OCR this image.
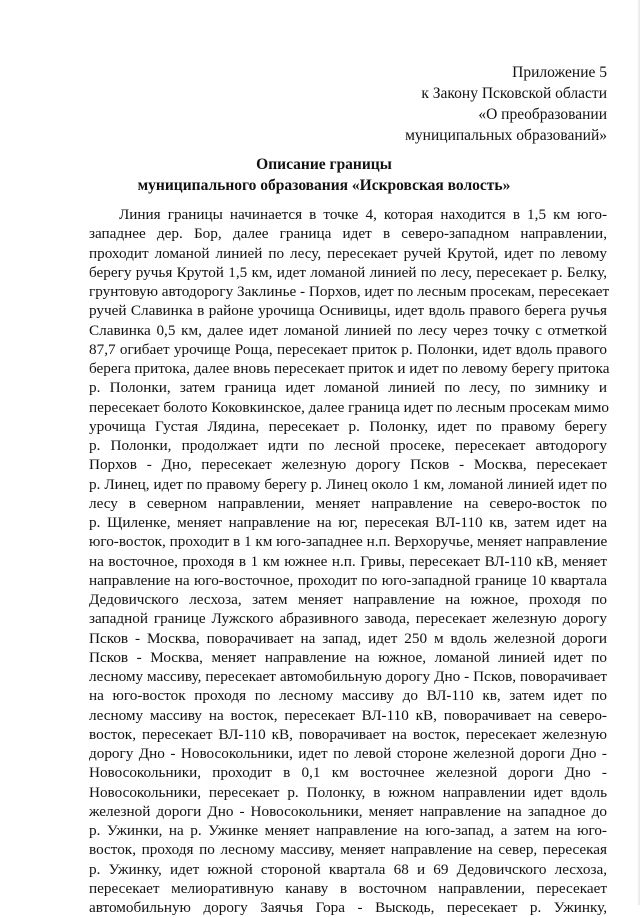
Приложение 5
к Закону Псковской области
«О преобразовании
муниципальных образований»
Описание границы
муниципального образования «Искровская волость»
Линия границы начинается в точке 4, которая находится в 1,5 км юго-
западнее дер. Бор, далее граница идет в северо-западном направлении,
проходит ломаной линией по лесу, пересекает ручей Крутой, идет по левому
берегу ручья Крутой 1,5 км, идет ломаной линией по лесу, пересекает р. Белку,
грунтовую автодорогу Заклинье - Порхов, идет по лесным просекам, пересекает
ручей Славинка в районе урочища Оснивицы, идет вдоль правого берега ручья
Славинка 0,5 км, далее идет ломаной линией по лесу через точку с отметкой
87,7 огибает урочище Роща, пересекает приток р. Полонки, идет вдоль правого
берега притока, далее вновь пересекает приток и идет по левому берегу притока
р. Полонки, затем граница идет ломаной линией по лесу, по зимнику и
пересекает болото Коковкинское, далее граница идет по лесным просекам мимо
урочища Густая Лядина, пересекает р. Полонку, идет по правому берегу
р. Полонки, продолжает идти по лесной просеке, пересекает автодорогу
Порхов - Дно, пересекает железную дорогу Псков - Москва, пересекает
р. Линец, идет по правому берегу р. Линец около 1 км, ломаной линией идет по
лесу в северном направлении, меняет направление на северо-восток по
р. Щиленке, меняет направление на юг, пересекая ВЛ-110 кв, затем идет на
юго-восток, проходит в 1 км юго-западнее н.п. Верхоручье, меняет направление
на восточное, проходя в 1 км южнее н.п. Гривы, пересекает ВЛ-110 кВ, меняет
направление на юго-восточное, проходит по юго-западной границе 10 квартала
Дедовичского лесхоза, затем меняет направление на южное, проходя по
западной границе Лужского абразивного завода, пересекает железную дорогу
Псков - Москва, поворачивает на запад, идет 250 м вдоль железной дороги
Псков - Москва, меняет направление на южное, ломаной линией идет по
лесному массиву, пересекает автомобильную дорогу Дно - Псков, поворачивает
на юго-восток проходя по лесному массиву до ВЛ-110 кв, затем идет по
лесному массиву на восток, пересекает ВЛ-110 кВ, поворачивает на северо-
восток, пересекает ВЛ-110 кВ, поворачивает на восток, пересекает железную
дорогу Дно - Новосокольники, идет по левой стороне железной дороги Дно -
Новосокольники, проходит в 0,1 км восточнее железной дороги Дно -
Новосокольники, пересекает р. Полонку, в южном направлении идет вдоль
железной дороги Дно - Новосокольники, меняет направление на западное до
р. Ужинки, на р. Ужинке меняет направление на юго-запад, а затем на юго-
восток, проходя по лесному массиву, меняет направление на север, пересекая
р. Ужинку, идет южной стороной квартала 68 и 69 Дедовичского лесхоза,
пересекает мелиоративную канаву в восточном направлении, пересекает
автомобильную дорогу Заячья Гора - Выскодь, пересекает р. Ужинку,
